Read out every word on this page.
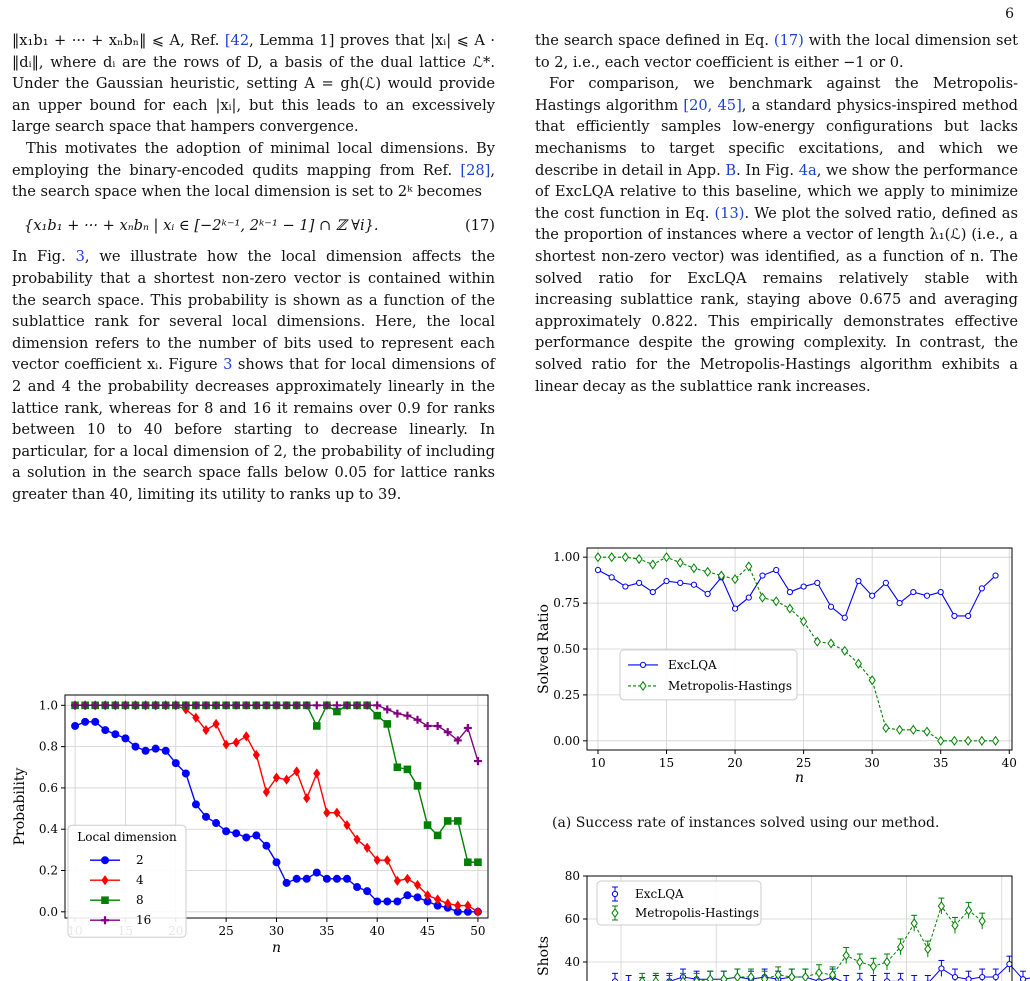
6

‖x₁b₁ + ··· + xₙbₙ‖ ⩽ A, Ref. [42, Lemma 1] proves that |xᵢ| ⩽ A · ‖dᵢ‖, where dᵢ are the rows of D, a basis of the dual lattice ℒ*. Under the Gaussian heuristic, setting A = gh(ℒ) would provide an upper bound for each |xᵢ|, but this leads to an excessively large search space that hampers convergence.

This motivates the adoption of minimal local dimensions. By employing the binary-encoded qudits mapping from Ref. [28], the search space when the local dimension is set to 2ᵏ becomes

{x₁b₁ + ··· + xₙbₙ | xᵢ ∈ [−2ᵏ⁻¹, 2ᵏ⁻¹ − 1] ∩ ℤ ∀i}.	(17)

In Fig. 3, we illustrate how the local dimension affects the probability that a shortest non-zero vector is contained within the search space. This probability is shown as a function of the sublattice rank for several local dimensions. Here, the local dimension refers to the number of bits used to represent each vector coefficient xᵢ. Figure 3 shows that for local dimensions of 2 and 4 the probability decreases approximately linearly in the lattice rank, whereas for 8 and 16 it remains over 0.9 for ranks between 10 to 40 before starting to decrease linearly. In particular, for a local dimension of 2, the probability of including a solution in the search space falls below 0.05 for lattice ranks greater than 40, limiting its utility to ranks up to 39.

the search space defined in Eq. (17) with the local dimension set to 2, i.e., each vector coefficient is either −1 or 0.

For comparison, we benchmark against the Metropolis-Hastings algorithm [20, 45], a standard physics-inspired method that efficiently samples low-energy configurations but lacks mechanisms to target specific excitations, and which we describe in detail in App. B. In Fig. 4a, we show the performance of ExcLQA relative to this baseline, which we apply to minimize the cost function in Eq. (13). We plot the solved ratio, defined as the proportion of instances where a vector of length λ₁(ℒ) (i.e., a shortest non-zero vector) was identified, as a function of n. The solved ratio for ExcLQA remains relatively stable with increasing sublattice rank, staying above 0.675 and averaging approximately 0.822. This empirically demonstrates effective performance despite the growing complexity. In contrast, the solved ratio for the Metropolis-Hastings algorithm exhibits a linear decay as the sublattice rank increases.

25	30	35	40	45	50
0.0
0.2
0.4
0.6
0.8
1.0
n
Probability	Local dimension
2
4
8
16
10	15	20	25	30	35	40
0.00
0.25
0.50
0.75
1.00
n
Solved Ratio	ExcLQA
Metropolis-Hastings
(a) Success rate of instances solved using our method.
40
60
80
Shots
ExcLQA
Metropolis-Hastings
